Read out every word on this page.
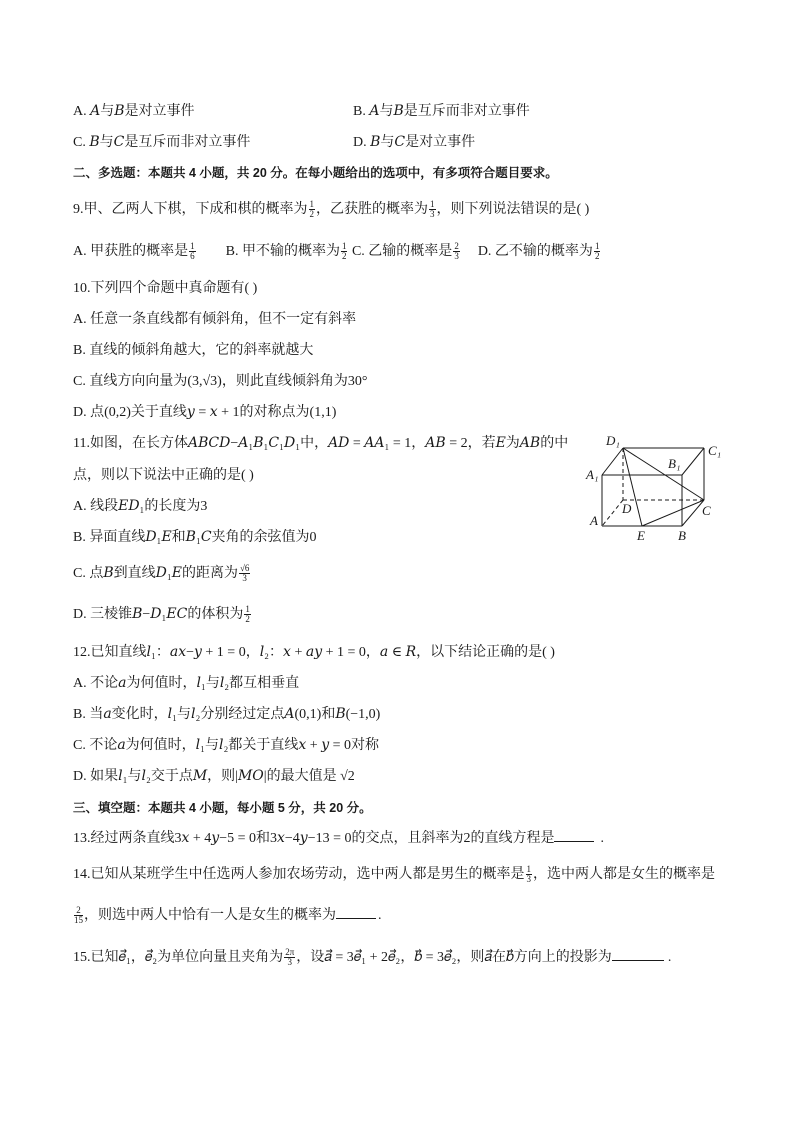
A. 𝐴与𝐵是对立事件	B. 𝐴与𝐵是互斥而非对立事件
C. 𝐵与𝐶是互斥而非对立事件	D. 𝐵与𝐶是对立事件
二、多选题：本题共 4 小题，共 20 分。在每小题给出的选项中，有多项符合题目要求。
9.甲、乙两人下棋，下成和棋的概率为 $\frac{1}{2}$ ，乙获胜的概率为 $\frac{1}{3}$ ，则下列说法错误的是( )
A. 甲获胜的概率是 $\frac{1}{6} B$. 甲不输的概率为 $\frac{1}{2} C$. 乙输的概率是 $\frac{2}{3} D$. 乙不输的概率为 $\frac{1}{2}$
10.下列四个命题中真命题有( )
A. 任意一条直线都有倾斜角，但不一定有斜率
B. 直线的倾斜角越大，它的斜率就越大
C. 直线方向向量为(3,√3)，则此直线倾斜角为30°
D. 点(0,2)关于直线𝑦 = 𝑥 + 1的对称点为(1,1)
11.如图，在长方体𝐴𝐵𝐶𝐷−𝐴₁𝐵₁𝐶₁𝐷₁中，𝐴𝐷 = 𝐴𝐴₁ = 1，𝐴𝐵 = 2，若𝐸为𝐴𝐵的中
点，则以下说法中正确的是( )
A. 线段𝐸𝐷₁的长度为3
B. 异面直线𝐷₁𝐸和𝐵₁𝐶夹角的余弦值为0
C. 点𝐵到直线𝐷₁𝐸的距离为 $\frac{√6}{3}$
D. 三棱锥𝐵−𝐷₁𝐸𝐶的体积为 $\frac{1}{2}$
D₁
C₁
B₁
A₁
D	C
A
E	B
12.已知直线𝑙₁：𝑎𝑥−𝑦 + 1 = 0，𝑙₂：𝑥 + 𝑎𝑦 + 1 = 0，𝑎 ∈ 𝑅，以下结论正确的是( )
A. 不论𝑎为何值时，𝑙₁与𝑙₂都互相垂直
B. 当𝑎变化时，𝑙₁与𝑙₂分别经过定点𝐴(0,1)和𝐵(−1,0)
C. 不论𝑎为何值时，𝑙₁与𝑙₂都关于直线𝑥 + 𝑦 = 0对称
D. 如果𝑙₁与𝑙₂交于点𝑀，则|𝑀𝑂|的最大值是 √2
三、填空题：本题共 4 小题，每小题 5 分，共 20 分。
13.经过两条直线3𝑥 + 4𝑦−5 = 0和3𝑥−4𝑦−13 = 0的交点，且斜率为2的直线方程是	.
14.已知从某班学生中任选两人参加农场劳动，选中两人都是男生的概率是 $\frac{1}{3}$ ，选中两人都是女生的概率是
$\frac{2}{15}$ ，则选中两人中恰有一人是女生的概率为	.
15.已知𝑒⃗₁，𝑒⃗₂为单位向量且夹角为 $\frac{2\pi}{3}$ ，设𝑎⃗ = 3𝑒⃗₁ + 2𝑒⃗₂，𝑏⃗ = 3𝑒⃗₂，则𝑎⃗在𝑏⃗方向上的投影为	.
